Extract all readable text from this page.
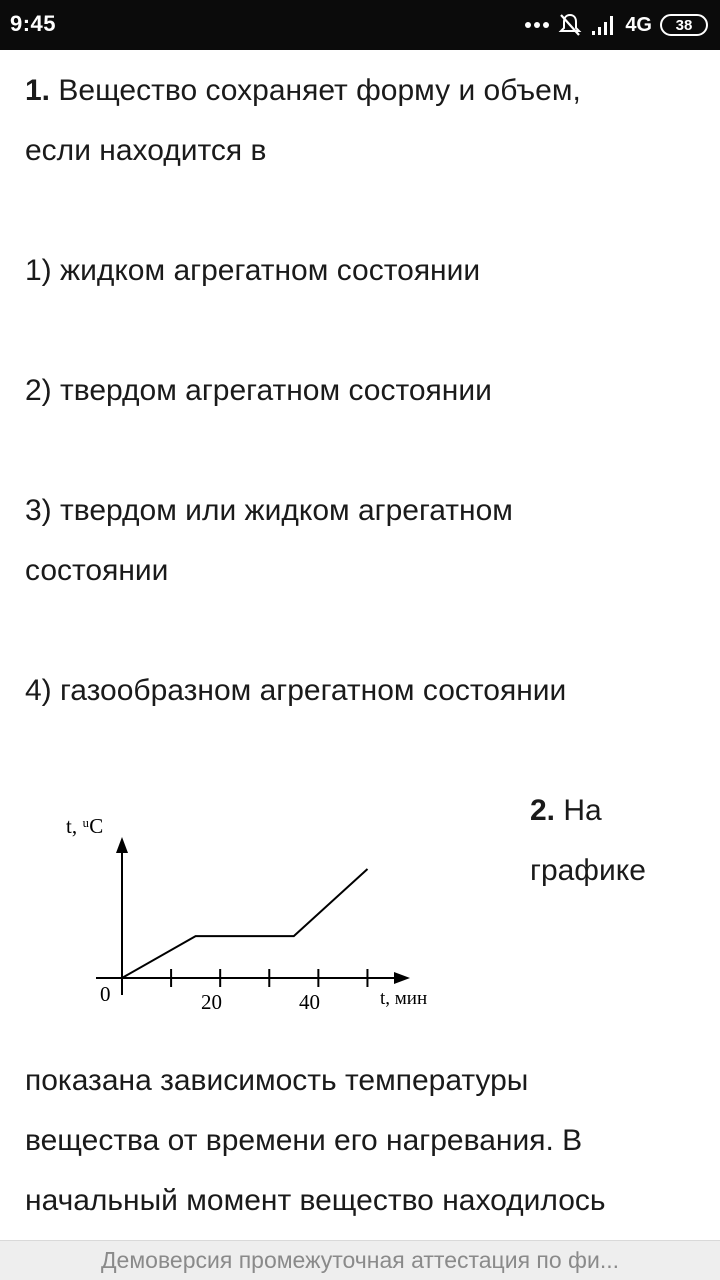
9:45	4G	38
1. Вещество сохраняет форму и объем,
если находится в
1) жидком агрегатном состоянии
2) твердом агрегатном состоянии
3) твердом или жидком агрегатном
состоянии
4) газообразном агрегатном состоянии
2. На
графике
показана зависимость температуры
вещества от времени его нагревания. В
начальный момент вещество находилось
t, ᵘC
0	20	40	t, мин
Демоверсия промежуточная аттестация по фи...
